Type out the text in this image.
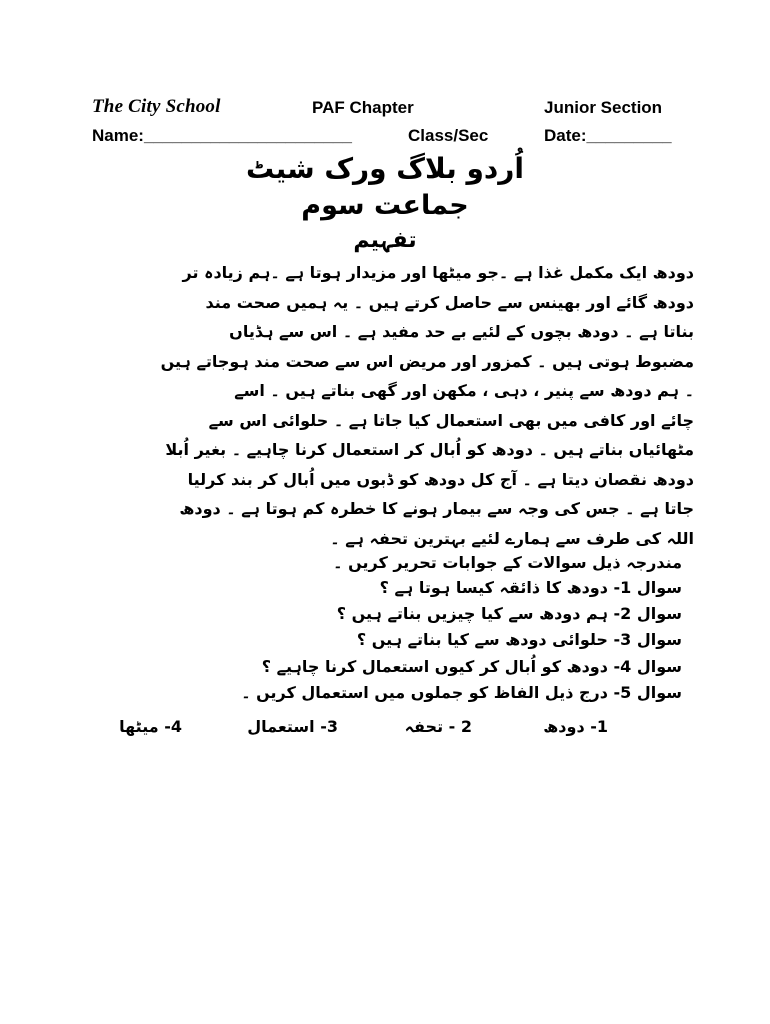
The City School	PAF Chapter	Junior Section
Name:______________________	Class/Sec	Date:_________
اُردو بلاگ ورک شیٹ
جماعت سوم
تفہیم

دودھ ایک مکمل غذا ہے ۔جو میٹھا اور مزیدار ہوتا ہے ۔ہم زیادہ تر

دودھ گائے اور بھینس سے حاصل کرتے ہیں ۔ یہ ہمیں صحت مند

بناتا ہے ۔ دودھ بچوں کے لئیے بے حد مفید ہے ۔ اس سے ہڈیاں

مضبوط ہوتی ہیں ۔ کمزور اور مریض اس سے صحت مند ہوجاتے ہیں

۔ ہم دودھ سے پنیر ، دہی ، مکھن اور گھی بناتے ہیں ۔ اسے

چائے اور کافی میں بھی استعمال کیا جاتا ہے ۔ حلوائی اس سے

مٹھائیاں بناتے ہیں ۔ دودھ کو اُبال کر استعمال کرنا چاہیے ۔ بغیر اُبلا

دودھ نقصان دیتا ہے ۔ آج کل دودھ کو ڈبوں میں اُبال کر بند کرلیا

جاتا ہے ۔ جس کی وجہ سے بیمار ہونے کا خطرہ کم ہوتا ہے ۔ دودھ

اللہ کی طرف سے ہمارے لئیے بہترین تحفہ ہے ۔

مندرجہ ذیل سوالات کے جوابات تحریر کریں ۔
سوال 1- دودھ کا ذائقہ کیسا ہوتا ہے ؟
سوال 2- ہم دودھ سے کیا چیزیں بناتے ہیں ؟
سوال 3- حلوائی دودھ سے کیا بناتے ہیں ؟
سوال 4- دودھ کو اُبال کر کیوں استعمال کرنا چاہیے ؟
سوال 5- درج ذیل الفاظ کو جملوں میں استعمال کریں ۔
1- دودھ
2 - تحفہ
3- استعمال
4- میٹھا
